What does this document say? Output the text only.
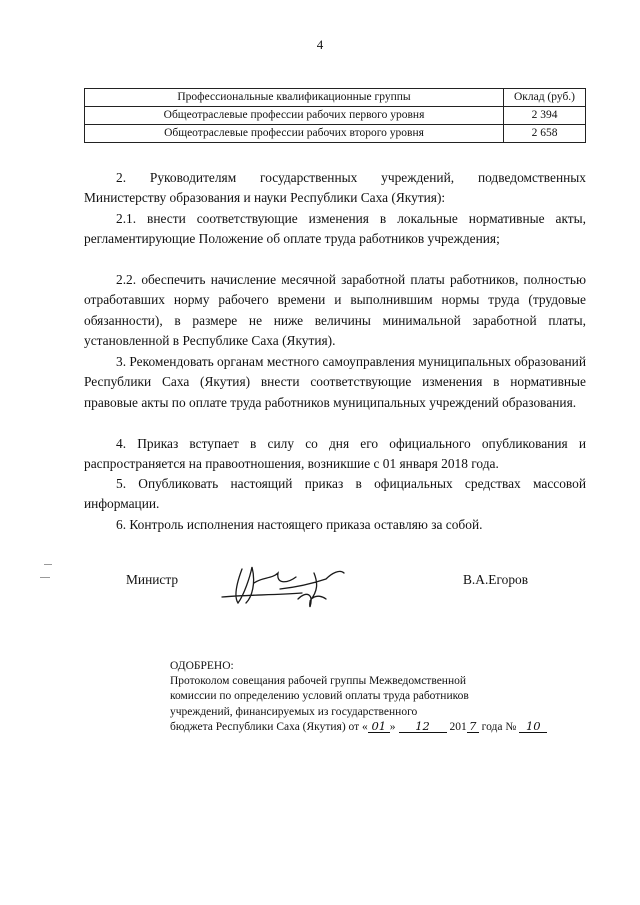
4
Профессиональные квалификационные группы	Оклад (руб.)
Общеотраслевые профессии рабочих первого уровня	2 394
Общеотраслевые профессии рабочих второго уровня	2 658
2. Руководителям государственных учреждений, подведомственных Министерству образования и науки Республики Саха (Якутия):
2.1. внести соответствующие изменения в локальные нормативные акты, регламентирующие Положение об оплате труда работников учреждения;
2.2. обеспечить начисление месячной заработной платы работников, полностью отработавших норму рабочего времени и выполнившим нормы труда (трудовые обязанности), в размере не ниже величины минимальной заработной платы, установленной в Республике Саха (Якутия).
3. Рекомендовать органам местного самоуправления муниципальных образований Республики Саха (Якутия) внести соответствующие изменения в нормативные правовые акты по оплате труда работников муниципальных учреждений образования.
4. Приказ вступает в силу со дня его официального опубликования и распространяется на правоотношения, возникшие с 01 января 2018 года.
5. Опубликовать настоящий приказ в официальных средствах массовой информации.
6. Контроль исполнения настоящего приказа оставляю за собой.
Министр	В.А.Егоров
ОДОБРЕНО:
Протоколом совещания рабочей группы Межведомственной
комиссии по определению условий оплаты труда работников
учреждений, финансируемых из государственного
бюджета Республики Саха (Якутия) от « 01 » 12 201 7 года № 10
